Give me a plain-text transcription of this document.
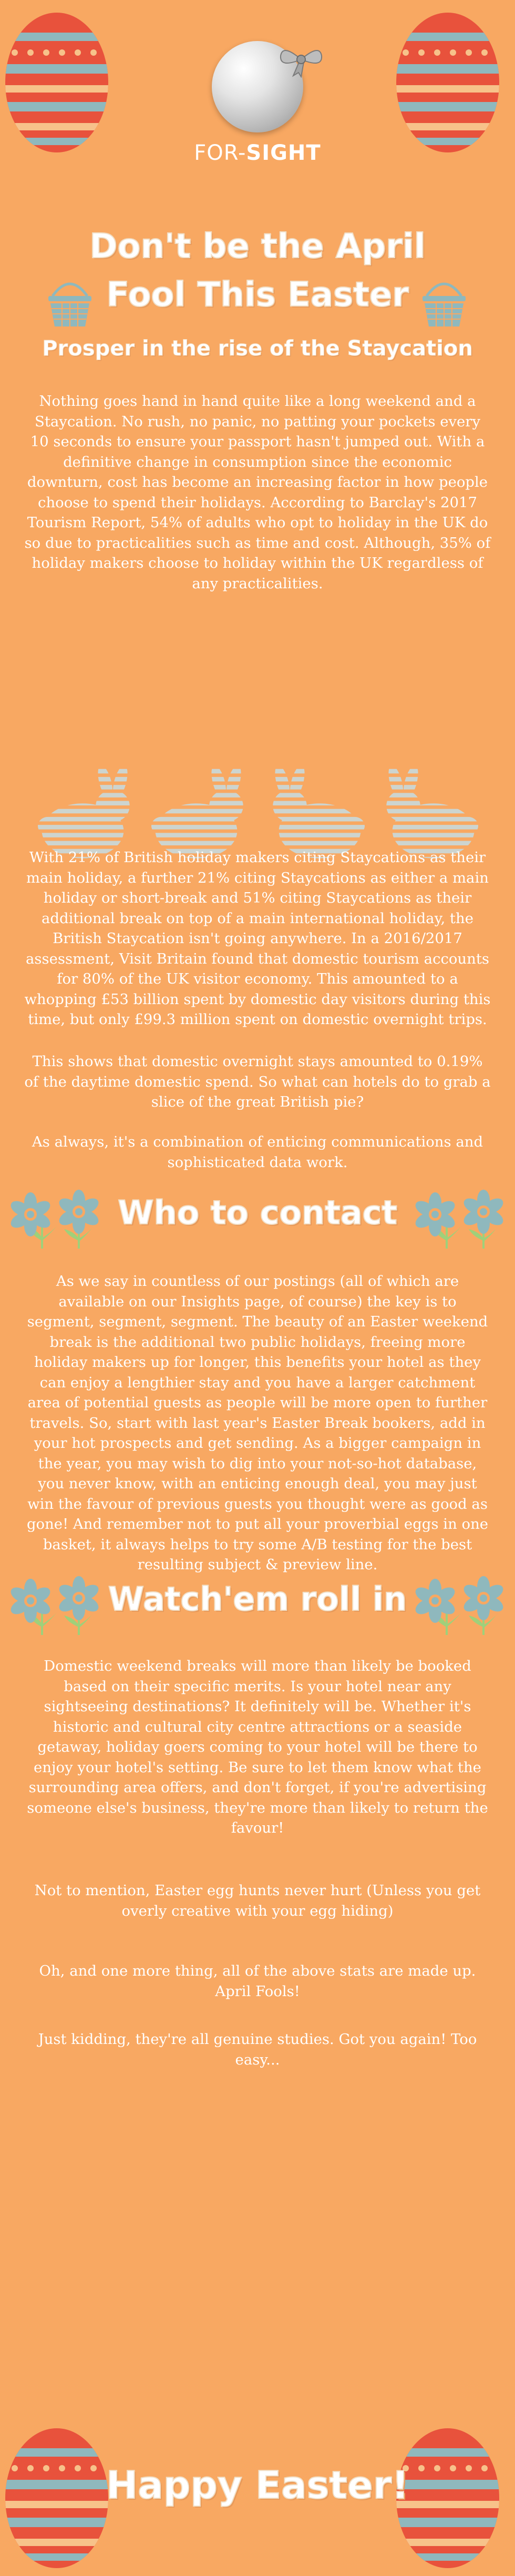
FOR-SIGHT
Don't be the April
Fool This Easter
Prosper in the rise of the Staycation

Nothing goes hand in hand quite like a long weekend and a Staycation. No rush, no panic, no patting your pockets every 10 seconds to ensure your passport hasn't jumped out. With a definitive change in consumption since the economic downturn, cost has become an increasing factor in how people choose to spend their holidays. According to Barclay's 2017 Tourism Report, 54% of adults who opt to holiday in the UK do so due to practicalities such as time and cost. Although, 35% of holiday makers choose to holiday within the UK regardless of any practicalities.

With 21% of British holiday makers citing Staycations as their main holiday, a further 21% citing Staycations as either a main holiday or short-break and 51% citing Staycations as their additional break on top of a main international holiday, the British Staycation isn't going anywhere. In a 2016/2017 assessment, Visit Britain found that domestic tourism accounts for 80% of the UK visitor economy. This amounted to a whopping £53 billion spent by domestic day visitors during this time, but only £99.3 million spent on domestic overnight trips.

This shows that domestic overnight stays amounted to 0.19% of the daytime domestic spend. So what can hotels do to grab a slice of the great British pie?

As always, it's a combination of enticing communications and sophisticated data work.

Who to contact

As we say in countless of our postings (all of which are available on our Insights page, of course) the key is to segment, segment, segment. The beauty of an Easter weekend break is the additional two public holidays, freeing more holiday makers up for longer, this benefits your hotel as they can enjoy a lengthier stay and you have a larger catchment area of potential guests as people will be more open to further travels. So, start with last year's Easter Break bookers, add in your hot prospects and get sending. As a bigger campaign in the year, you may wish to dig into your not-so-hot database, you never know, with an enticing enough deal, you may just win the favour of previous guests you thought were as good as gone! And remember not to put all your proverbial eggs in one basket, it always helps to try some A/B testing for the best resulting subject & preview line.

Watch'em roll in

Domestic weekend breaks will more than likely be booked based on their specific merits. Is your hotel near any sightseeing destinations? It definitely will be. Whether it's historic and cultural city centre attractions or a seaside getaway, holiday goers coming to your hotel will be there to enjoy your hotel's setting. Be sure to let them know what the surrounding area offers, and don't forget, if you're advertising someone else's business, they're more than likely to return the favour!

Not to mention, Easter egg hunts never hurt (Unless you get overly creative with your egg hiding)

Oh, and one more thing, all of the above stats are made up. April Fools!

Just kidding, they're all genuine studies. Got you again! Too easy...

Happy Easter!
